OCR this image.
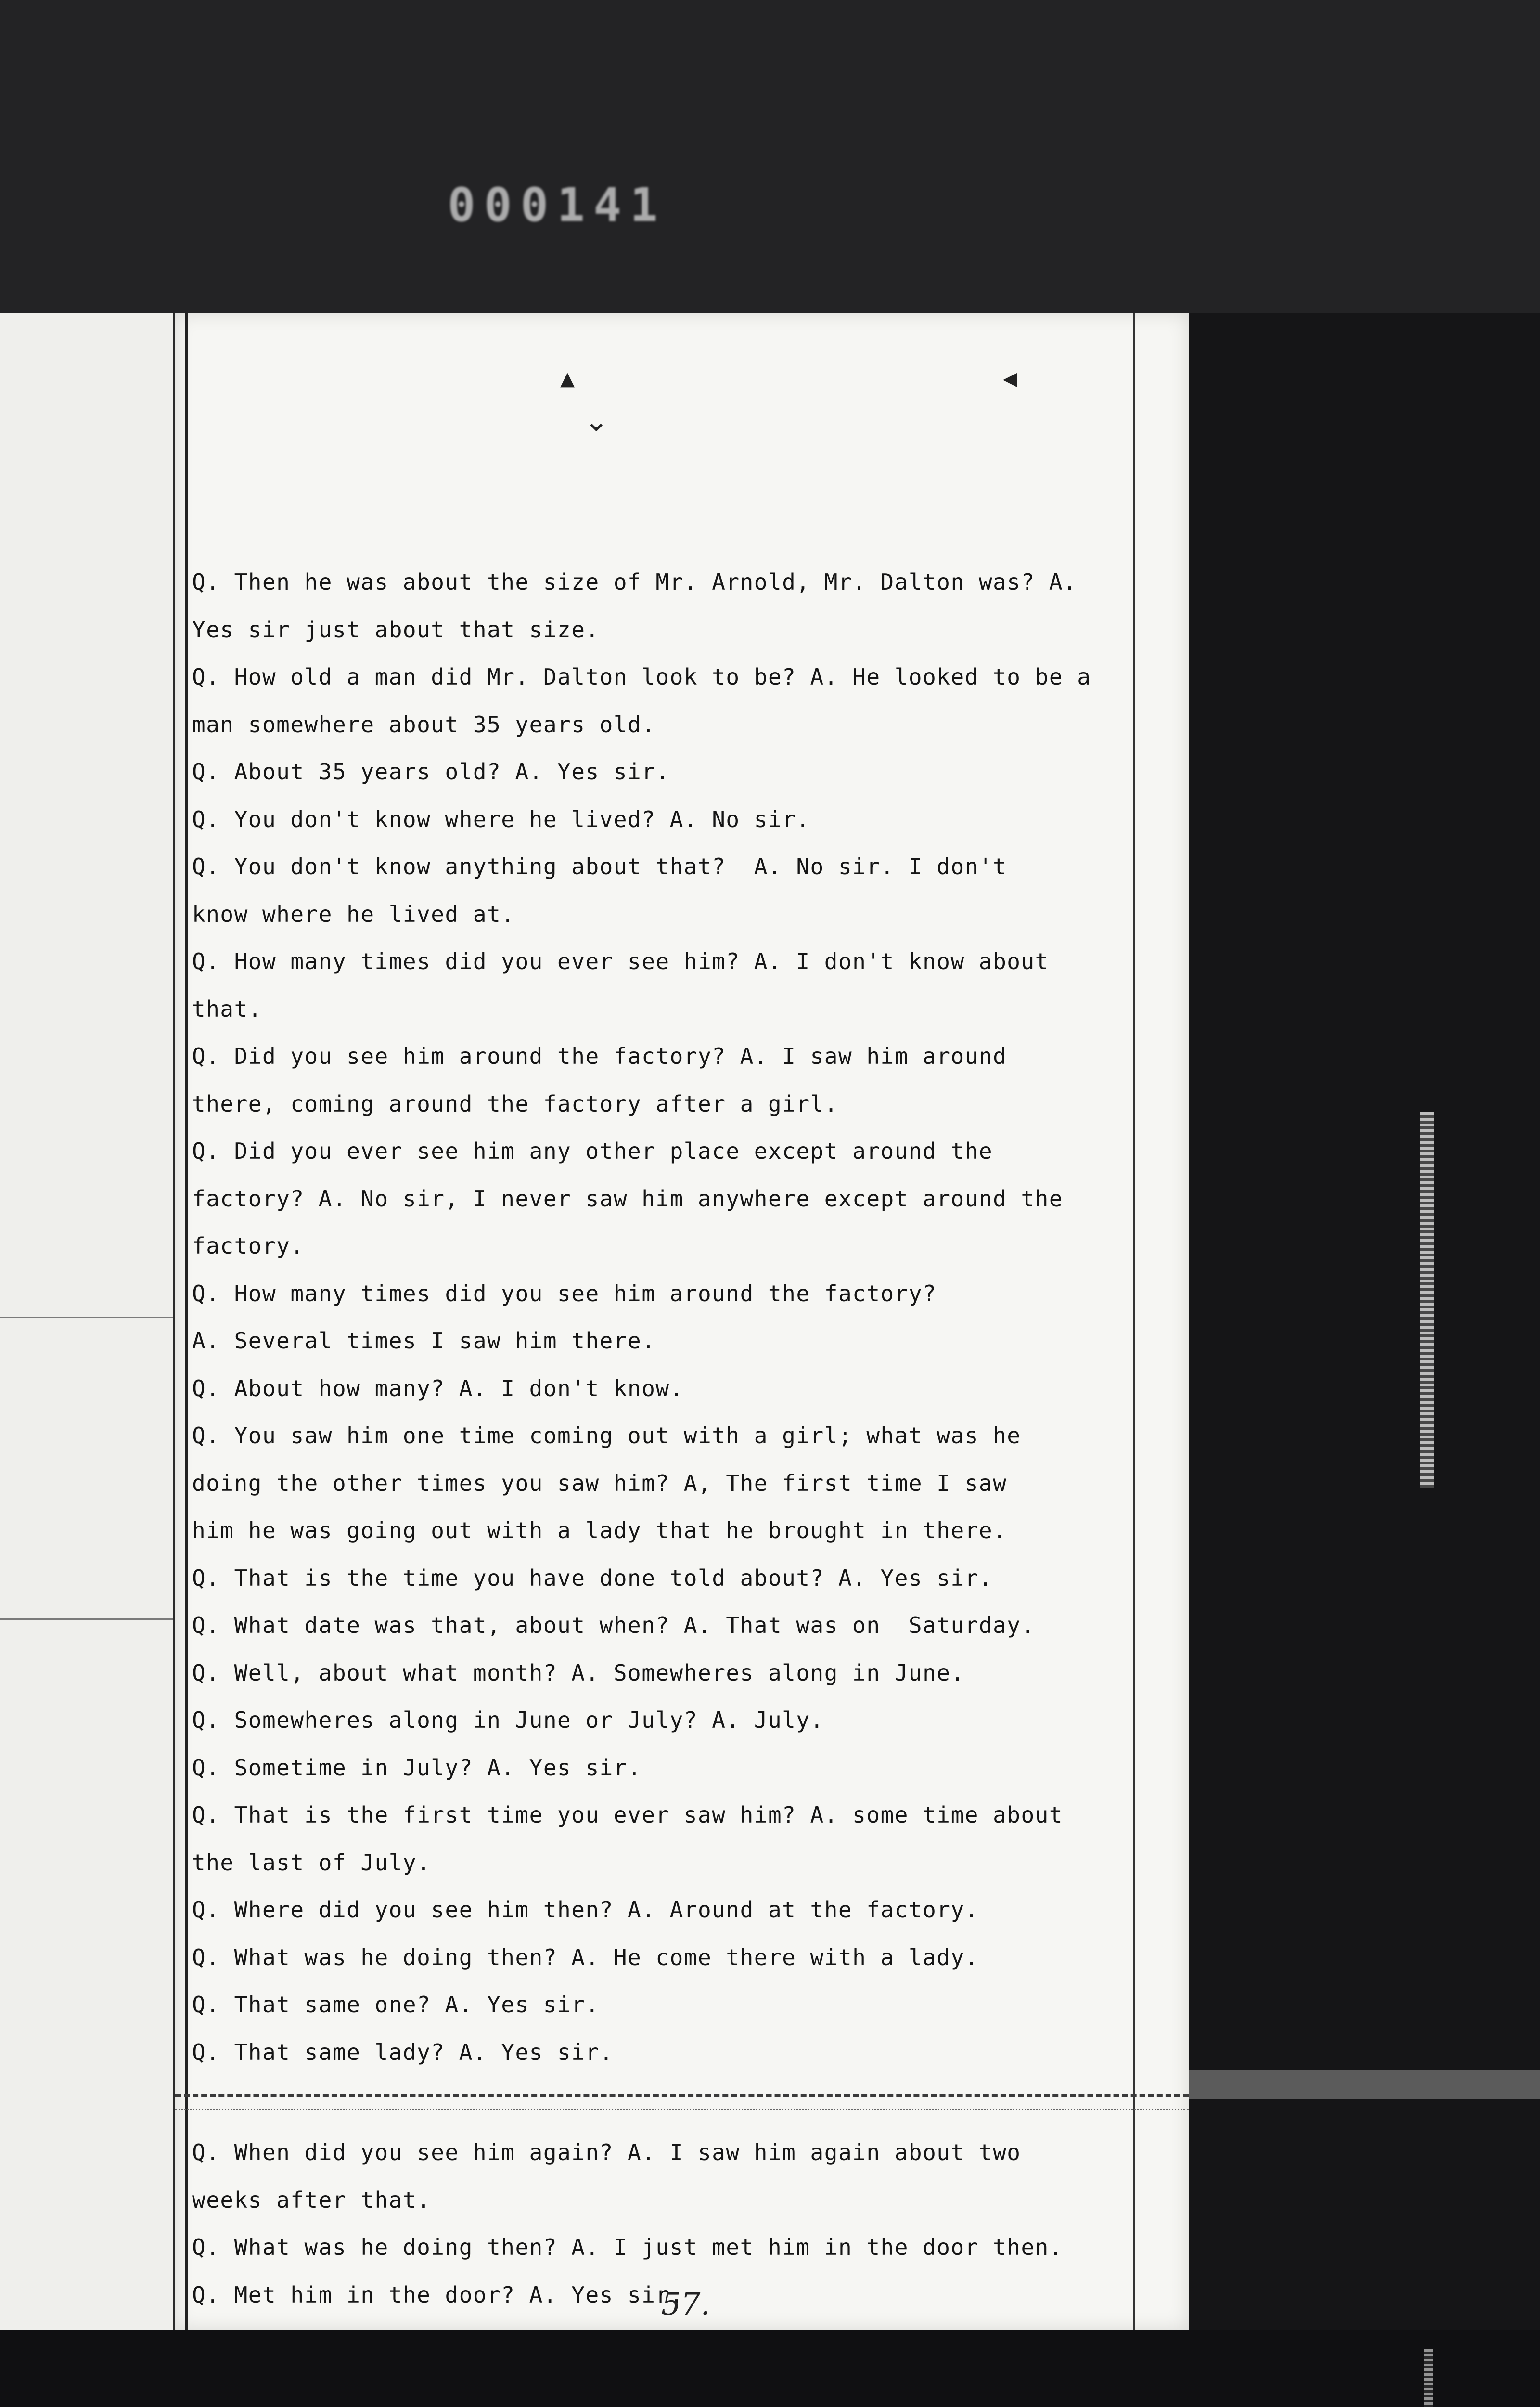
000141
▴
⌄
◂
Q. Then he was about the size of Mr. Arnold, Mr. Dalton was? A.
Yes sir just about that size.
Q. How old a man did Mr. Dalton look to be? A. He looked to be a
man somewhere about 35 years old.
Q. About 35 years old? A. Yes sir.
Q. You don't know where he lived? A. No sir.
Q. You don't know anything about that?  A. No sir. I don't
know where he lived at.
Q. How many times did you ever see him? A. I don't know about
that.
Q. Did you see him around the factory? A. I saw him around
there, coming around the factory after a girl.
Q. Did you ever see him any other place except around the
factory? A. No sir, I never saw him anywhere except around the
factory.
Q. How many times did you see him around the factory?
A. Several times I saw him there.
Q. About how many? A. I don't know.
Q. You saw him one time coming out with a girl; what was he
doing the other times you saw him? A, The first time I saw
him he was going out with a lady that he brought in there.
Q. That is the time you have done told about? A. Yes sir.
Q. What date was that, about when? A. That was on  Saturday.
Q. Well, about what month? A. Somewheres along in June.
Q. Somewheres along in June or July? A. July.
Q. Sometime in July? A. Yes sir.
Q. That is the first time you ever saw him? A. some time about
the last of July.
Q. Where did you see him then? A. Around at the factory.
Q. What was he doing then? A. He come there with a lady.
Q. That same one? A. Yes sir.
Q. That same lady? A. Yes sir.
Q. When did you see him again? A. I saw him again about two
weeks after that.
Q. What was he doing then? A. I just met him in the door then.
Q. Met him in the door? A. Yes sir.
57.
